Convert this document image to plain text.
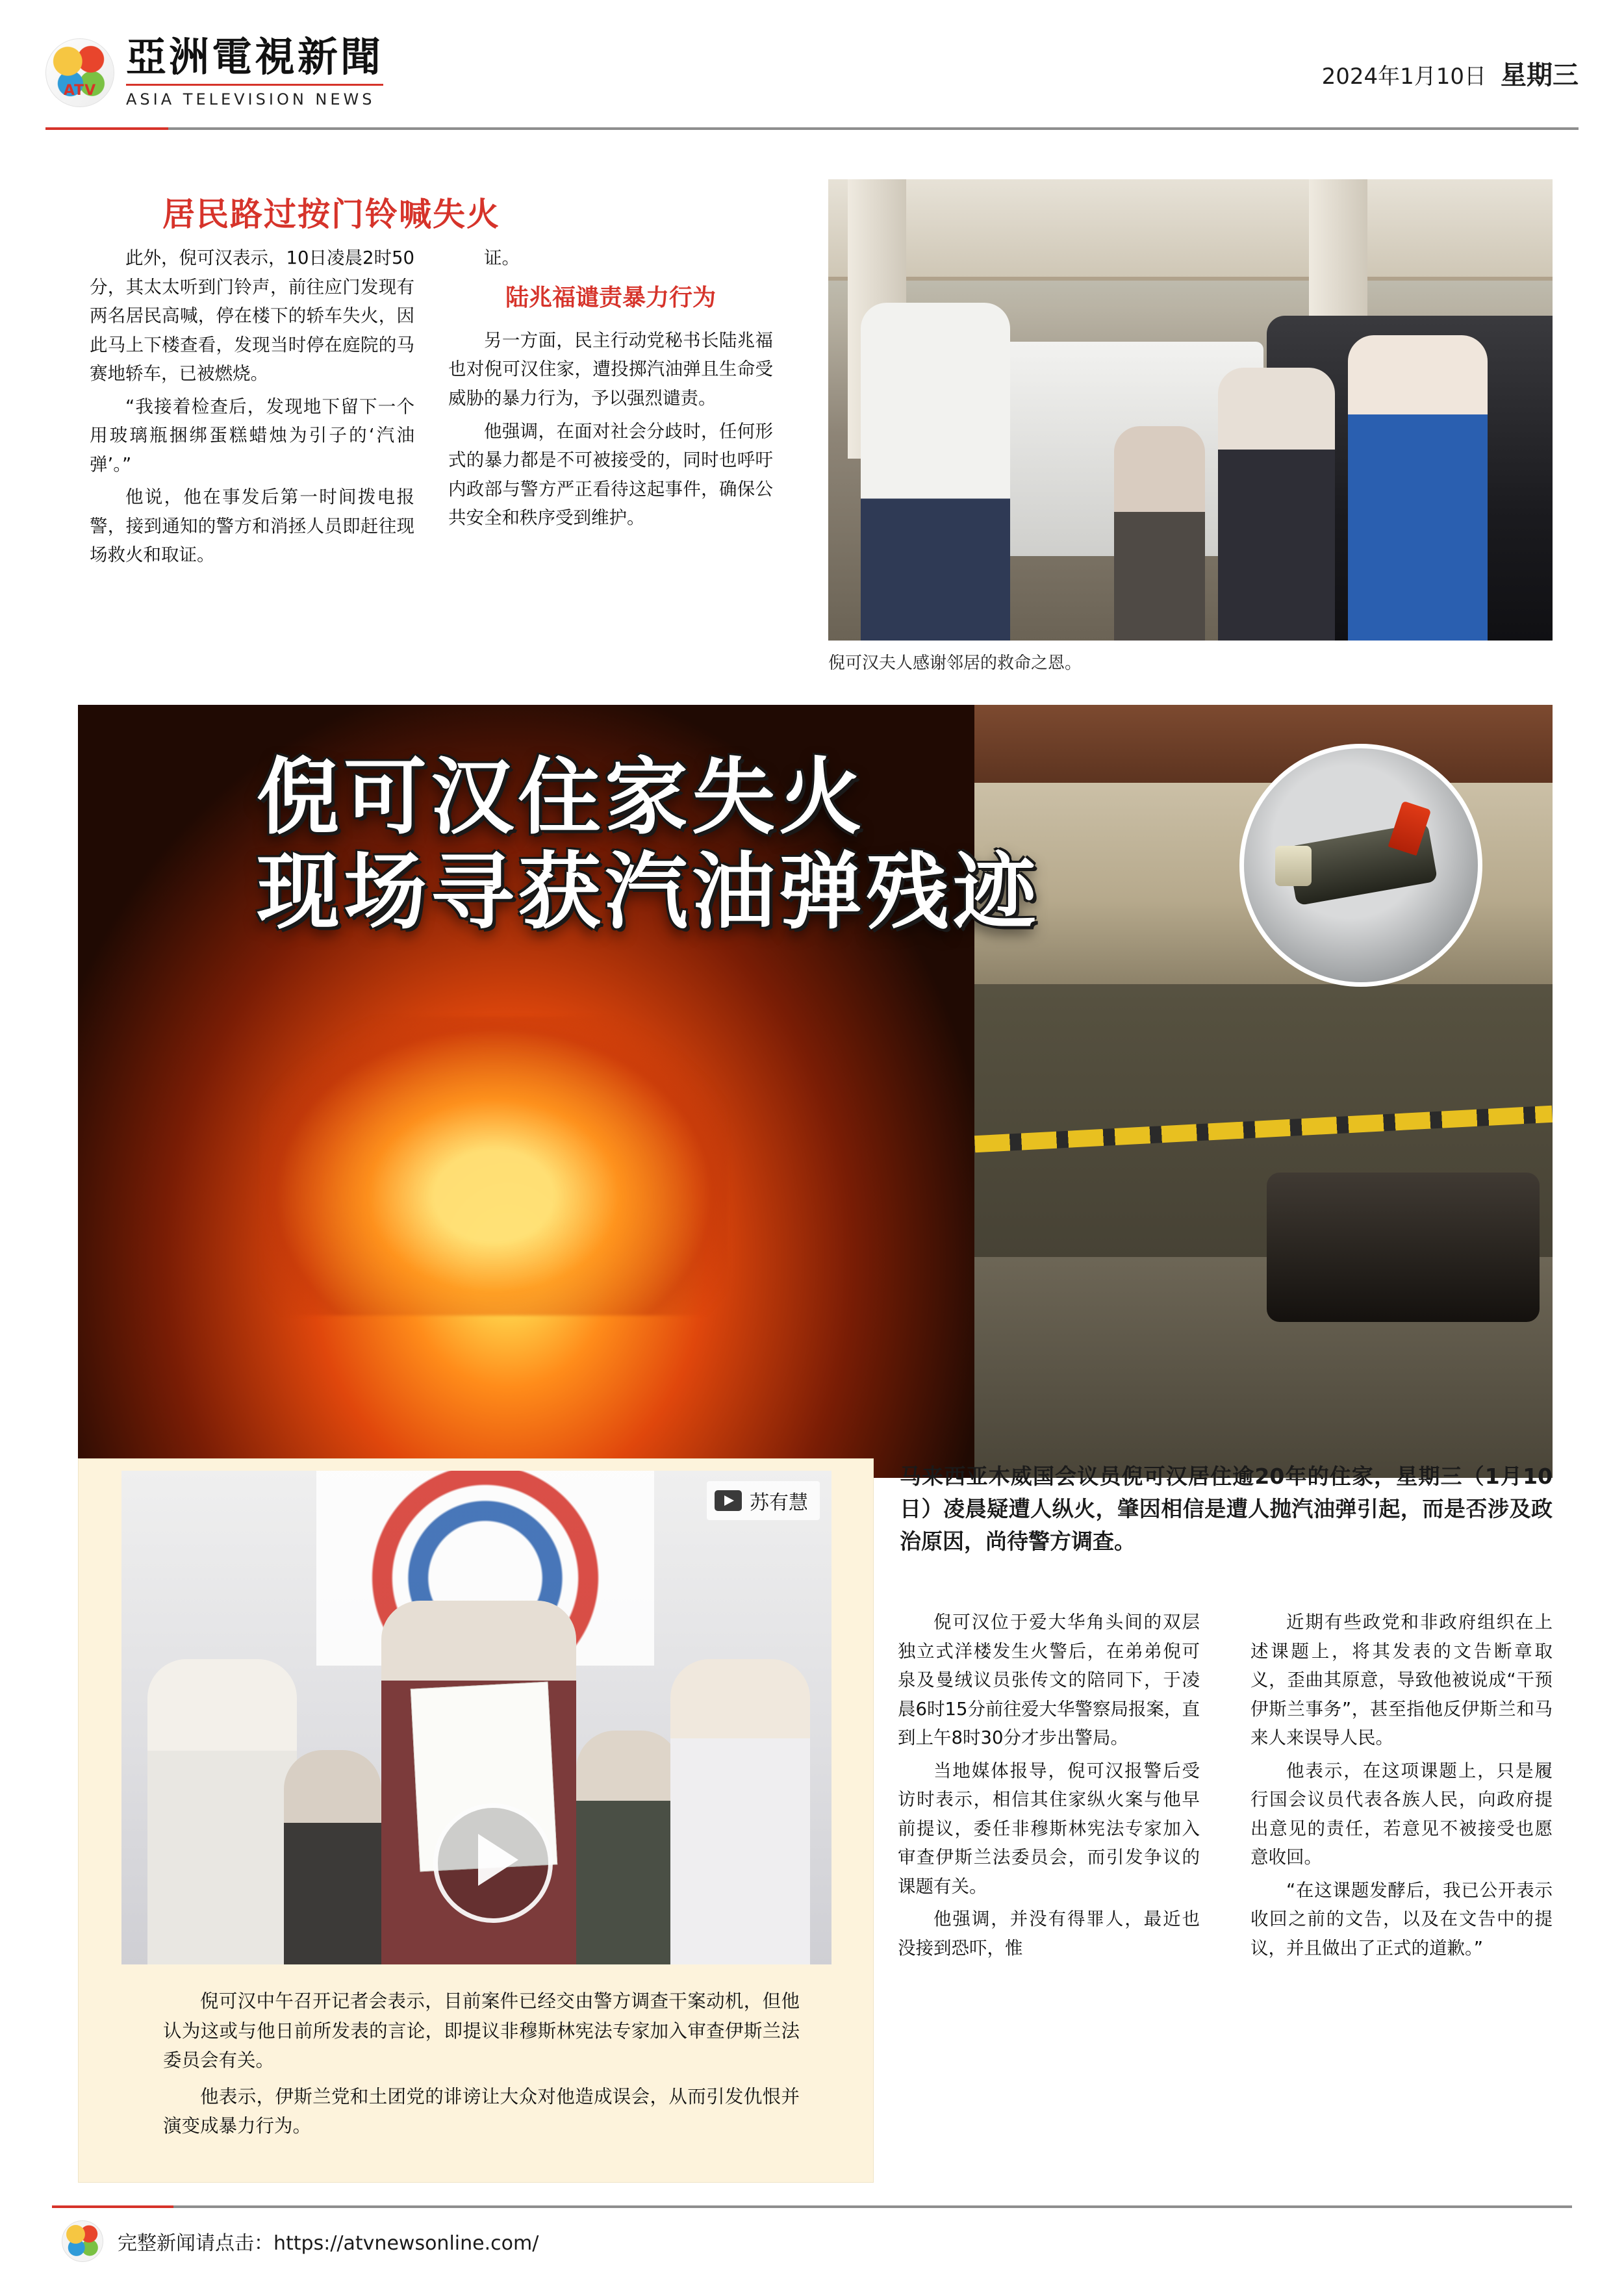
ATV
亞洲電視新聞
ASIA TELEVISION NEWS
2024年1月10日 星期三
居民路过按门铃喊失火

此外，倪可汉表示，10日凌晨2时50分，其太太听到门铃声，前往应门发现有两名居民高喊，停在楼下的轿车失火，因此马上下楼查看，发现当时停在庭院的马赛地轿车，已被燃烧。

“我接着检查后，发现地下留下一个用玻璃瓶捆绑蛋糕蜡烛为引子的‘汽油弹’。”

他说，他在事发后第一时间拨电报警，接到通知的警方和消拯人员即赶往现场救火和取证。

证。

陆兆福谴责暴力行为

另一方面，民主行动党秘书长陆兆福也对倪可汉住家，遭投掷汽油弹且生命受威胁的暴力行为，予以强烈谴责。

他强调，在面对社会分歧时，任何形式的暴力都是不可被接受的，同时也呼吁内政部与警方严正看待这起事件，确保公共安全和秩序受到维护。

倪可汉夫人感谢邻居的救命之恩。
倪可汉住家失火
现场寻获汽油弹残迹
马来西亚木威国会议员倪可汉居住逾20年的住家，星期三（1月10日）凌晨疑遭人纵火，肇因相信是遭人抛汽油弹引起，而是否涉及政治原因，尚待警方调查。
苏有慧

倪可汉中午召开记者会表示，目前案件已经交由警方调查干案动机，但他认为这或与他日前所发表的言论，即提议非穆斯林宪法专家加入审查伊斯兰法委员会有关。

他表示，伊斯兰党和土团党的诽谤让大众对他造成误会，从而引发仇恨并演变成暴力行为。

倪可汉位于爱大华角头间的双层独立式洋楼发生火警后，在弟弟倪可泉及曼绒议员张传文的陪同下，于凌晨6时15分前往爱大华警察局报案，直到上午8时30分才步出警局。

当地媒体报导，倪可汉报警后受访时表示，相信其住家纵火案与他早前提议，委任非穆斯林宪法专家加入审查伊斯兰法委员会，而引发争议的课题有关。

他强调，并没有得罪人，最近也没接到恐吓，惟

近期有些政党和非政府组织在上述课题上，将其发表的文告断章取义，歪曲其原意，导致他被说成“干预伊斯兰事务”，甚至指他反伊斯兰和马来人来误导人民。

他表示，在这项课题上，只是履行国会议员代表各族人民，向政府提出意见的责任，若意见不被接受也愿意收回。

“在这课题发酵后，我已公开表示收回之前的文告，以及在文告中的提议，并且做出了正式的道歉。”

完整新闻请点击：https://atvnewsonline.com/
